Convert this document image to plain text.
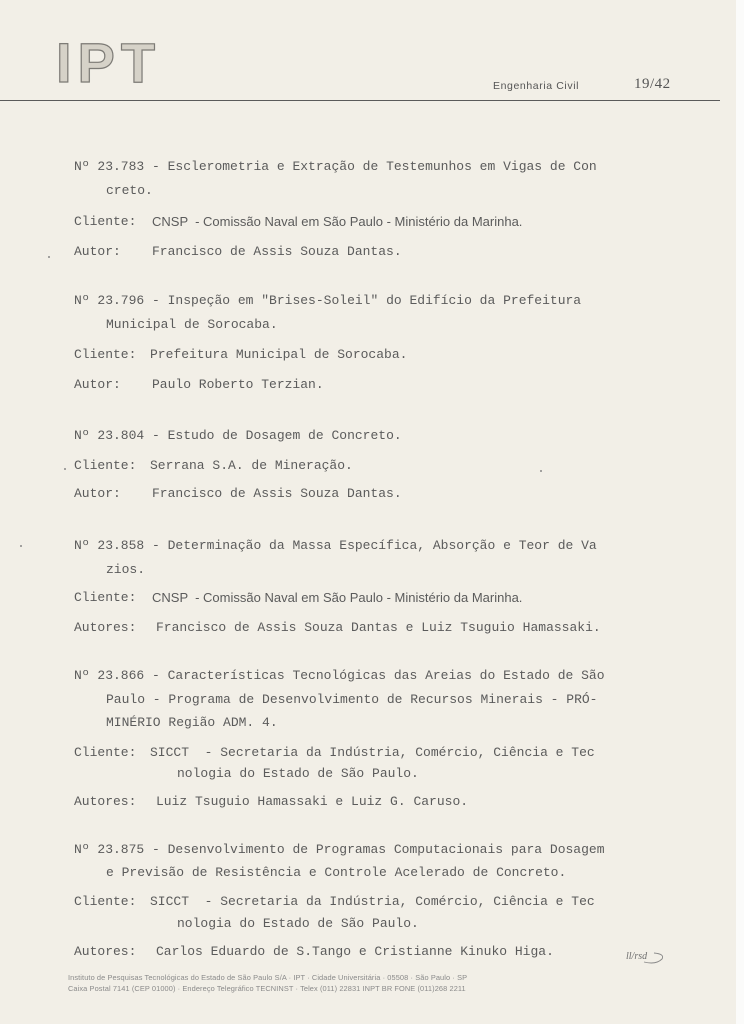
IPT	Engenharia Civil	19/42
Nº 23.783 - Esclerometria e Extração de Testemunhos em Vigas de Con
creto.

Cliente:

CNSP  - Comissão Naval em São Paulo - Ministério da Marinha.

Autor:

Francisco de Assis Souza Dantas.

Nº 23.796 - Inspeção em "Brises-Soleil" do Edifício da Prefeitura
Municipal de Sorocaba.

Cliente:

Prefeitura Municipal de Sorocaba.

Autor:

Paulo Roberto Terzian.

Nº 23.804 - Estudo de Dosagem de Concreto.

Cliente:

Serrana S.A. de Mineração.

Autor:

Francisco de Assis Souza Dantas.

Nº 23.858 - Determinação da Massa Específica, Absorção e Teor de Va
zios.

Cliente:

CNSP  - Comissão Naval em São Paulo - Ministério da Marinha.

Autores:

Francisco de Assis Souza Dantas e Luiz Tsuguio Hamassaki.

Nº 23.866 - Características Tecnológicas das Areias do Estado de São
Paulo - Programa de Desenvolvimento de Recursos Minerais - PRÓ-
MINÉRIO Região ADM. 4.

Cliente:

SICCT  - Secretaria da Indústria, Comércio, Ciência e Tec

nologia do Estado de São Paulo.

Autores:

Luiz Tsuguio Hamassaki e Luiz G. Caruso.

Nº 23.875 - Desenvolvimento de Programas Computacionais para Dosagem
e Previsão de Resistência e Controle Acelerado de Concreto.

Cliente:

SICCT  - Secretaria da Indústria, Comércio, Ciência e Tec

nologia do Estado de São Paulo.

Autores:

Carlos Eduardo de S.Tango e Cristianne Kinuko Higa.

	ll/rsd
Instituto de Pesquisas Tecnológicas do Estado de São Paulo S/A · IPT · Cidade Universitária · 05508 · São Paulo · SP
Caixa Postal 7141 (CEP 01000) · Endereço Telegráfico TECNINST · Telex (011) 22831 INPT BR FONE (011)268 2211
